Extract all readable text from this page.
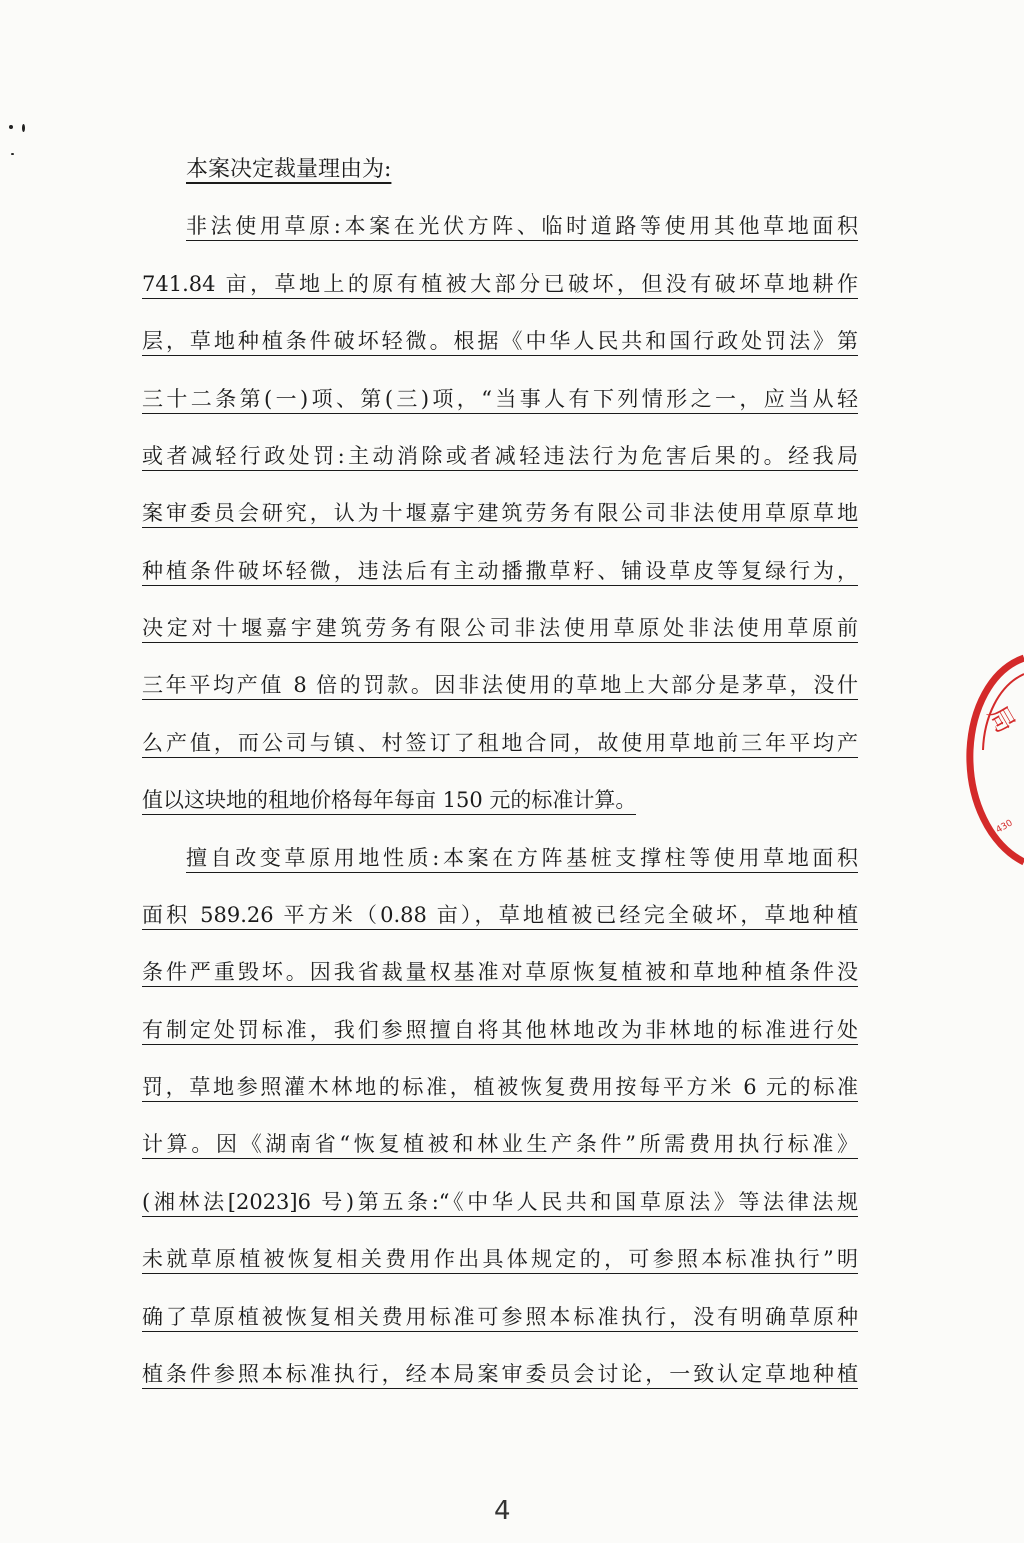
本案决定裁量理由为:
非法使用草原:本案在光伏方阵、临时道路等使用其他草地面积
741.84 亩，草地上的原有植被大部分已破坏，但没有破坏草地耕作
层，草地种植条件破坏轻微。根据《中华人民共和国行政处罚法》第
三十二条第(一)项、第(三)项，“当事人有下列情形之一，应当从轻
或者减轻行政处罚:主动消除或者减轻违法行为危害后果的。经我局
案审委员会研究，认为十堰嘉宇建筑劳务有限公司非法使用草原草地
种植条件破坏轻微，违法后有主动播撒草籽、铺设草皮等复绿行为，
决定对十堰嘉宇建筑劳务有限公司非法使用草原处非法使用草原前
三年平均产值 8 倍的罚款。因非法使用的草地上大部分是茅草，没什
么产值，而公司与镇、村签订了租地合同，故使用草地前三年平均产
值以这块地的租地价格每年每亩 150 元的标准计算。
擅自改变草原用地性质:本案在方阵基桩支撑柱等使用草地面积
面积 589.26 平方米（0.88 亩），草地植被已经完全破坏，草地种植
条件严重毁坏。因我省裁量权基准对草原恢复植被和草地种植条件没
有制定处罚标准，我们参照擅自将其他林地改为非林地的标准进行处
罚，草地参照灌木林地的标准，植被恢复费用按每平方米 6 元的标准
计算。因《湖南省“恢复植被和林业生产条件”所需费用执行标准》
(湘林法[2023]6 号)第五条:“《中华人民共和国草原法》等法律法规
未就草原植被恢复相关费用作出具体规定的，可参照本标准执行”明
确了草原植被恢复相关费用标准可参照本标准执行，没有明确草原种
植条件参照本标准执行，经本局案审委员会讨论，一致认定草地种植
局
430
4
